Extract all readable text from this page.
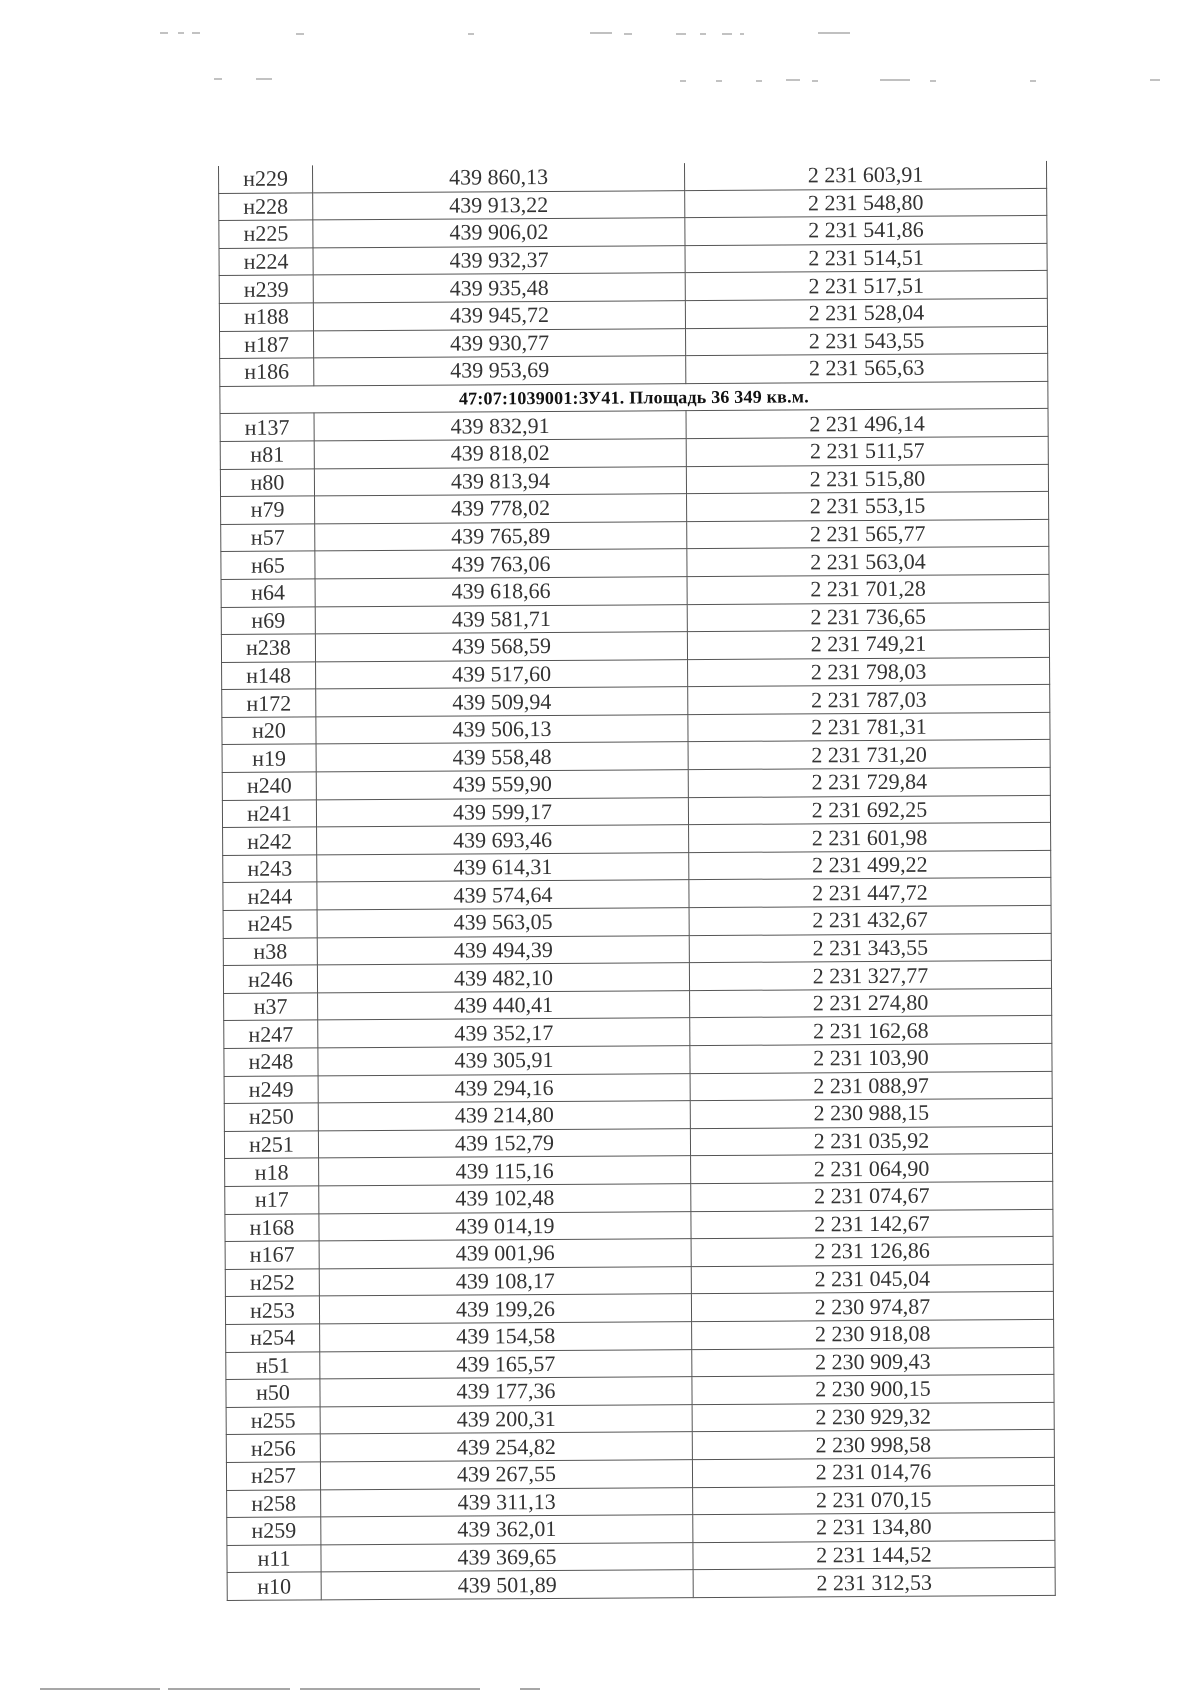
н229	439 860,13	2 231 603,91
н228	439 913,22	2 231 548,80
н225	439 906,02	2 231 541,86
н224	439 932,37	2 231 514,51
н239	439 935,48	2 231 517,51
н188	439 945,72	2 231 528,04
н187	439 930,77	2 231 543,55
н186	439 953,69	2 231 565,63
47:07:1039001:ЗУ41. Площадь 36 349 кв.м.		
н137	439 832,91	2 231 496,14
н81	439 818,02	2 231 511,57
н80	439 813,94	2 231 515,80
н79	439 778,02	2 231 553,15
н57	439 765,89	2 231 565,77
н65	439 763,06	2 231 563,04
н64	439 618,66	2 231 701,28
н69	439 581,71	2 231 736,65
н238	439 568,59	2 231 749,21
н148	439 517,60	2 231 798,03
н172	439 509,94	2 231 787,03
н20	439 506,13	2 231 781,31
н19	439 558,48	2 231 731,20
н240	439 559,90	2 231 729,84
н241	439 599,17	2 231 692,25
н242	439 693,46	2 231 601,98
н243	439 614,31	2 231 499,22
н244	439 574,64	2 231 447,72
н245	439 563,05	2 231 432,67
н38	439 494,39	2 231 343,55
н246	439 482,10	2 231 327,77
н37	439 440,41	2 231 274,80
н247	439 352,17	2 231 162,68
н248	439 305,91	2 231 103,90
н249	439 294,16	2 231 088,97
н250	439 214,80	2 230 988,15
н251	439 152,79	2 231 035,92
н18	439 115,16	2 231 064,90
н17	439 102,48	2 231 074,67
н168	439 014,19	2 231 142,67
н167	439 001,96	2 231 126,86
н252	439 108,17	2 231 045,04
н253	439 199,26	2 230 974,87
н254	439 154,58	2 230 918,08
н51	439 165,57	2 230 909,43
н50	439 177,36	2 230 900,15
н255	439 200,31	2 230 929,32
н256	439 254,82	2 230 998,58
н257	439 267,55	2 231 014,76
н258	439 311,13	2 231 070,15
н259	439 362,01	2 231 134,80
н11	439 369,65	2 231 144,52
н10	439 501,89	2 231 312,53
